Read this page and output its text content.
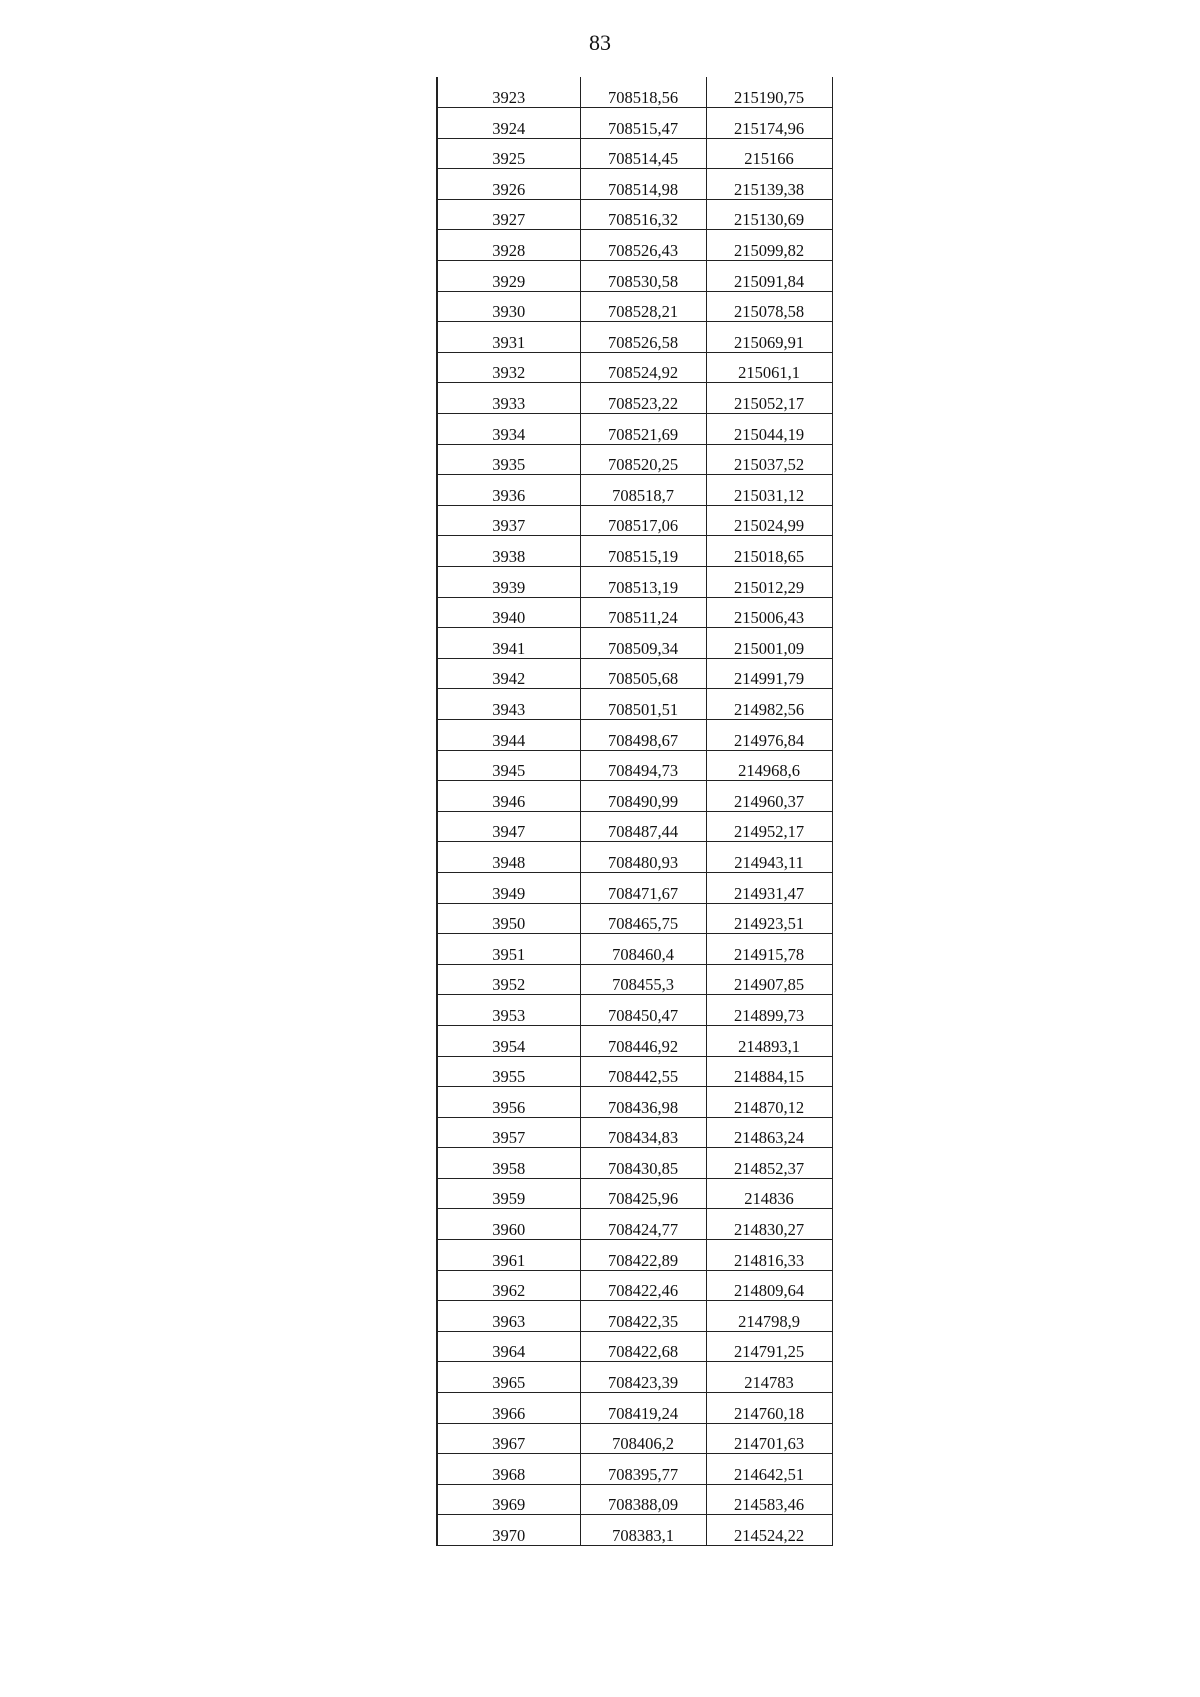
83
3923	708518,56	215190,75
3924	708515,47	215174,96
3925	708514,45	215166
3926	708514,98	215139,38
3927	708516,32	215130,69
3928	708526,43	215099,82
3929	708530,58	215091,84
3930	708528,21	215078,58
3931	708526,58	215069,91
3932	708524,92	215061,1
3933	708523,22	215052,17
3934	708521,69	215044,19
3935	708520,25	215037,52
3936	708518,7	215031,12
3937	708517,06	215024,99
3938	708515,19	215018,65
3939	708513,19	215012,29
3940	708511,24	215006,43
3941	708509,34	215001,09
3942	708505,68	214991,79
3943	708501,51	214982,56
3944	708498,67	214976,84
3945	708494,73	214968,6
3946	708490,99	214960,37
3947	708487,44	214952,17
3948	708480,93	214943,11
3949	708471,67	214931,47
3950	708465,75	214923,51
3951	708460,4	214915,78
3952	708455,3	214907,85
3953	708450,47	214899,73
3954	708446,92	214893,1
3955	708442,55	214884,15
3956	708436,98	214870,12
3957	708434,83	214863,24
3958	708430,85	214852,37
3959	708425,96	214836
3960	708424,77	214830,27
3961	708422,89	214816,33
3962	708422,46	214809,64
3963	708422,35	214798,9
3964	708422,68	214791,25
3965	708423,39	214783
3966	708419,24	214760,18
3967	708406,2	214701,63
3968	708395,77	214642,51
3969	708388,09	214583,46
3970	708383,1	214524,22
